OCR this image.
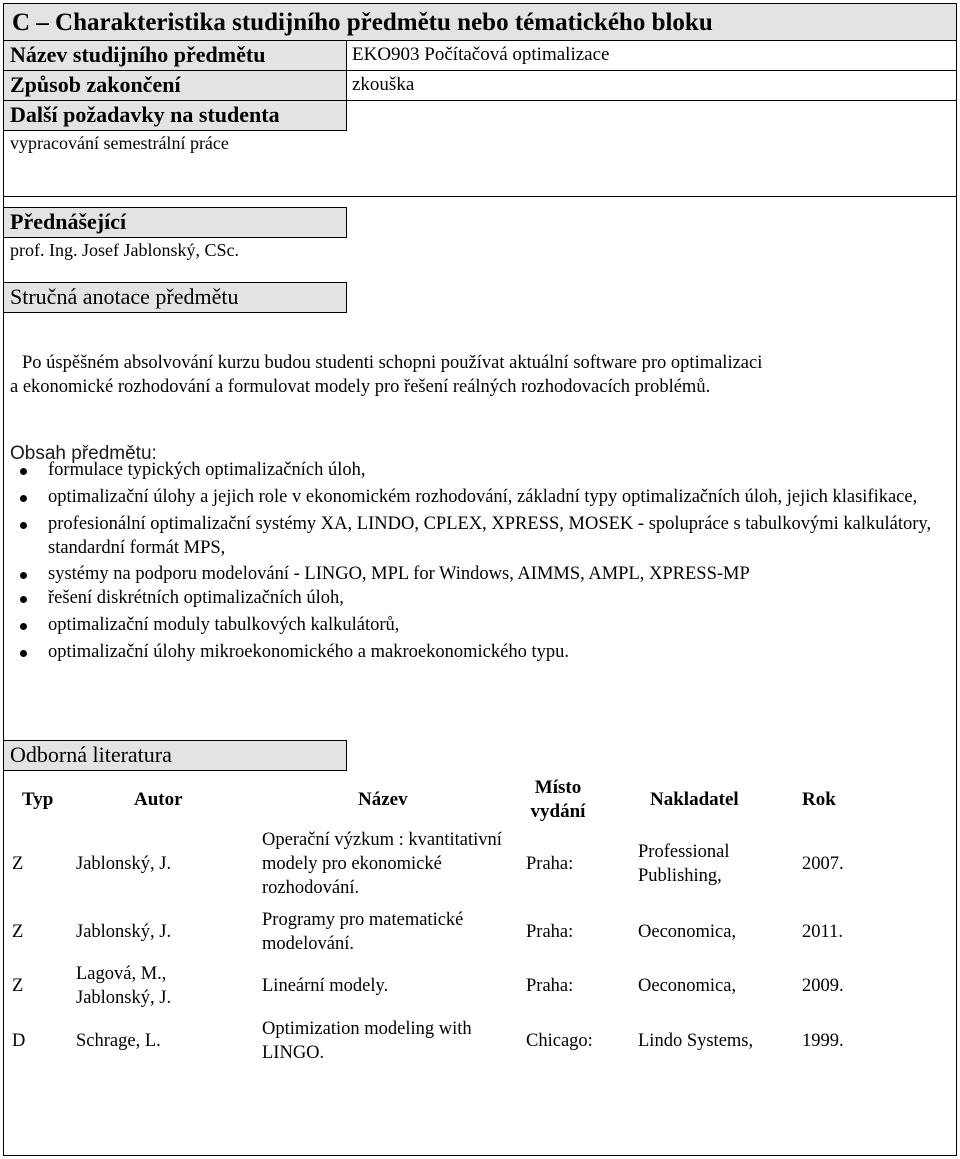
C – Charakteristika studijního předmětu nebo tématického bloku
Název studijního předmětu	EKO903 Počítačová optimalizace
Způsob zakončení	zkouška
Další požadavky na studenta
vypracování semestrální práce
Přednášející
prof. Ing. Josef Jablonský, CSc.
Stručná anotace předmětu
Po úspěšném absolvování kurzu budou studenti schopni používat aktuální software pro optimalizaci
a ekonomické rozhodování a formulovat modely pro řešení reálných rozhodovacích problémů.
Obsah předmětu:
formulace typických optimalizačních úloh,
optimalizační úlohy a jejich role v ekonomickém rozhodování, základní typy optimalizačních úloh, jejich klasifikace,
profesionální optimalizační systémy XA, LINDO, CPLEX, XPRESS, MOSEK - spolupráce s tabulkovými kalkulátory, standardní formát MPS,
systémy na podporu modelování - LINGO, MPL for Windows, AIMMS, AMPL, XPRESS-MP
řešení diskrétních optimalizačních úloh,
optimalizační moduly tabulkových kalkulátorů,
optimalizační úlohy mikroekonomického a makroekonomického typu.
Odborná literatura
Typ	Autor	Název	Místo vydání	Nakladatel	Rok
Z	Jablonský, J.	Operační výzkum : kvantitativní modely pro ekonomické rozhodování.	Praha:	Professional Publishing,	2007.
Z	Jablonský, J.	Programy pro matematické modelování.	Praha:	Oeconomica,	2011.
Z	Lagová, M., Jablonský, J.	Lineární modely.	Praha:	Oeconomica,	2009.
D	Schrage, L.	Optimization modeling with LINGO.	Chicago:	Lindo Systems,	1999.
